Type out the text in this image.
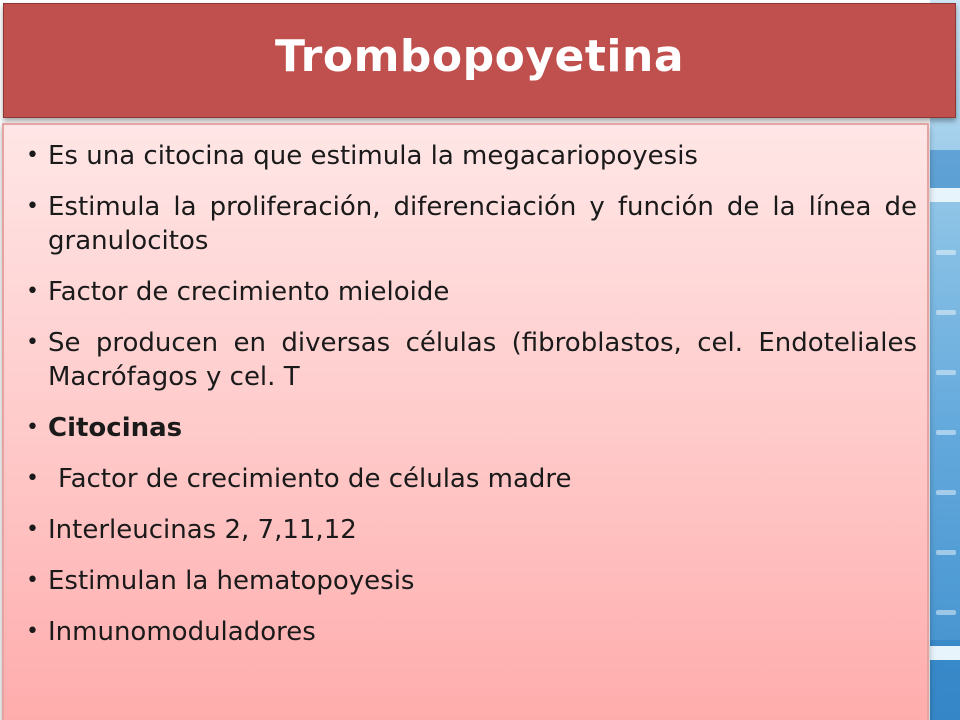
Trombopoyetina
• Es una citocina que estimula la megacariopoyesis
• Estimula la proliferación, diferenciación y función de la línea de granulocitos
• Factor de crecimiento mieloide
• Se producen en diversas células (fibroblastos, cel. Endoteliales Macrófagos y cel. T
• Citocinas
• Factor de crecimiento de células madre
• Interleucinas 2, 7,11,12
• Estimulan la hematopoyesis
• Inmunomoduladores
